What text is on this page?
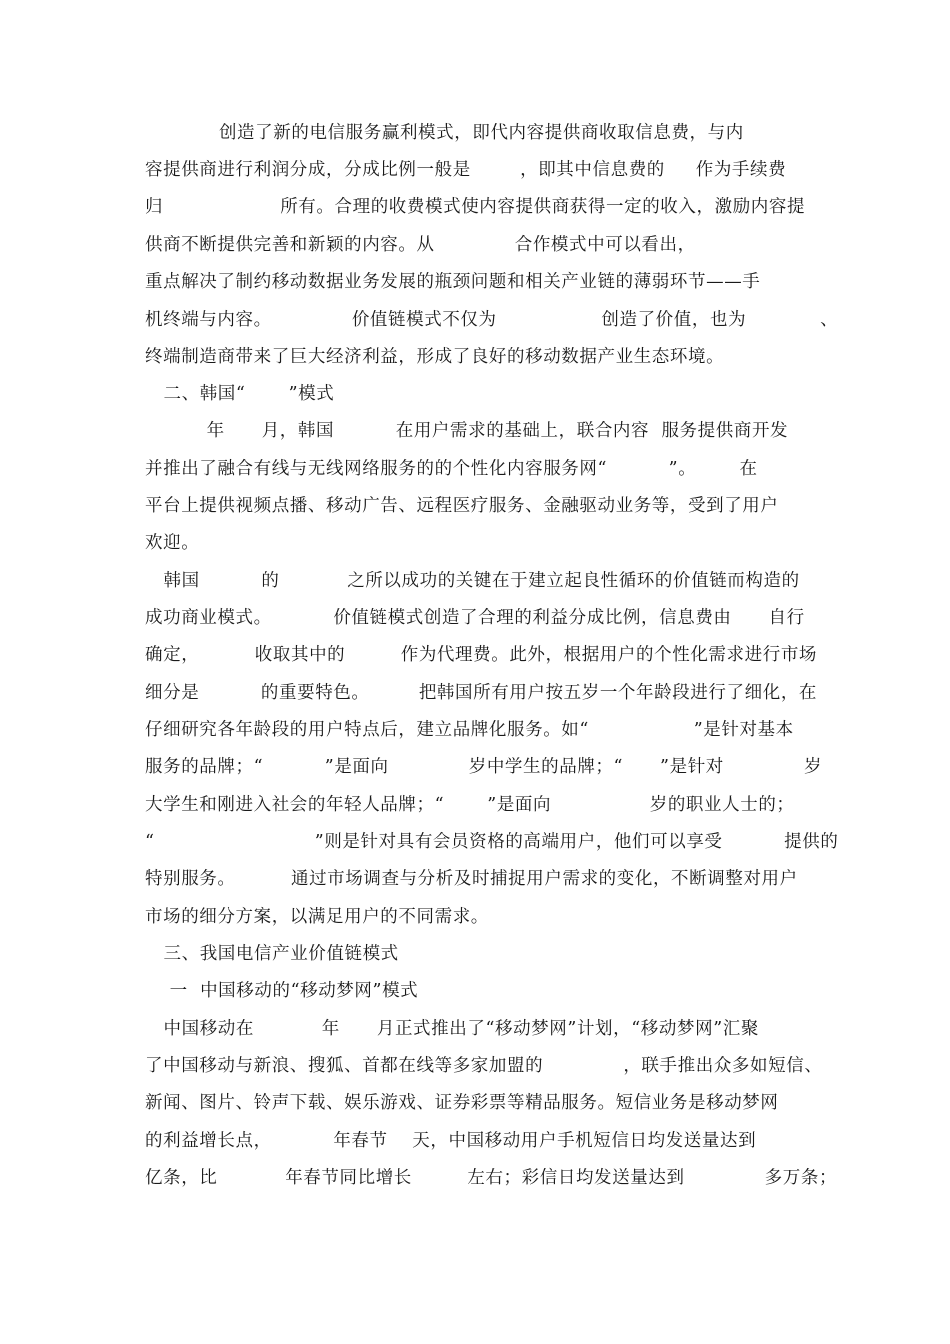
创造了新的电信服务赢利模式，即代内容提供商收取信息费，与内
容提供商进行利润分成，分成比例一般是        ，即其中信息费的     作为手续费
归                   所有。合理的收费模式使内容提供商获得一定的收入，激励内容提
供商不断提供完善和新颖的内容。从             合作模式中可以看出，
重点解决了制约移动数据业务发展的瓶颈问题和相关产业链的薄弱环节——手
机终端与内容。             价值链模式不仅为                 创造了价值，也为            、
终端制造商带来了巨大经济利益，形成了良好的移动数据产业生态环境。
二、韩国“       ”模式
年      月，韩国          在用户需求的基础上，联合内容  服务提供商开发
并推出了融合有线与无线网络服务的的个性化内容服务网“          ”。       在
平台上提供视频点播、移动广告、远程医疗服务、金融驱动业务等，受到了用户
欢迎。
韩国          的           之所以成功的关键在于建立起良性循环的价值链而构造的
成功商业模式。          价值链模式创造了合理的利益分成比例，信息费由      自行
确定，         收取其中的         作为代理费。此外，根据用户的个性化需求进行市场
细分是          的重要特色。        把韩国所有用户按五岁一个年龄段进行了细化，在
仔细研究各年龄段的用户特点后，建立品牌化服务。如“                 ”是针对基本
服务的品牌；“          ”是面向             岁中学生的品牌；“      ”是针对             岁
大学生和刚进入社会的年轻人品牌；“       ”是面向                岁的职业人士的；
“                          ”则是针对具有会员资格的高端用户，他们可以享受          提供的
特别服务。         通过市场调查与分析及时捕捉用户需求的变化，不断调整对用户
市场的细分方案，以满足用户的不同需求。
三、我国电信产业价值链模式
一  中国移动的“移动梦网”模式
中国移动在           年      月正式推出了“移动梦网”计划，“移动梦网”汇聚
了中国移动与新浪、搜狐、首都在线等多家加盟的             ，联手推出众多如短信、
新闻、图片、铃声下载、娱乐游戏、证券彩票等精品服务。短信业务是移动梦网
的利益增长点，          年春节    天，中国移动用户手机短信日均发送量达到
亿条，比           年春节同比增长         左右；彩信日均发送量达到             多万条；
